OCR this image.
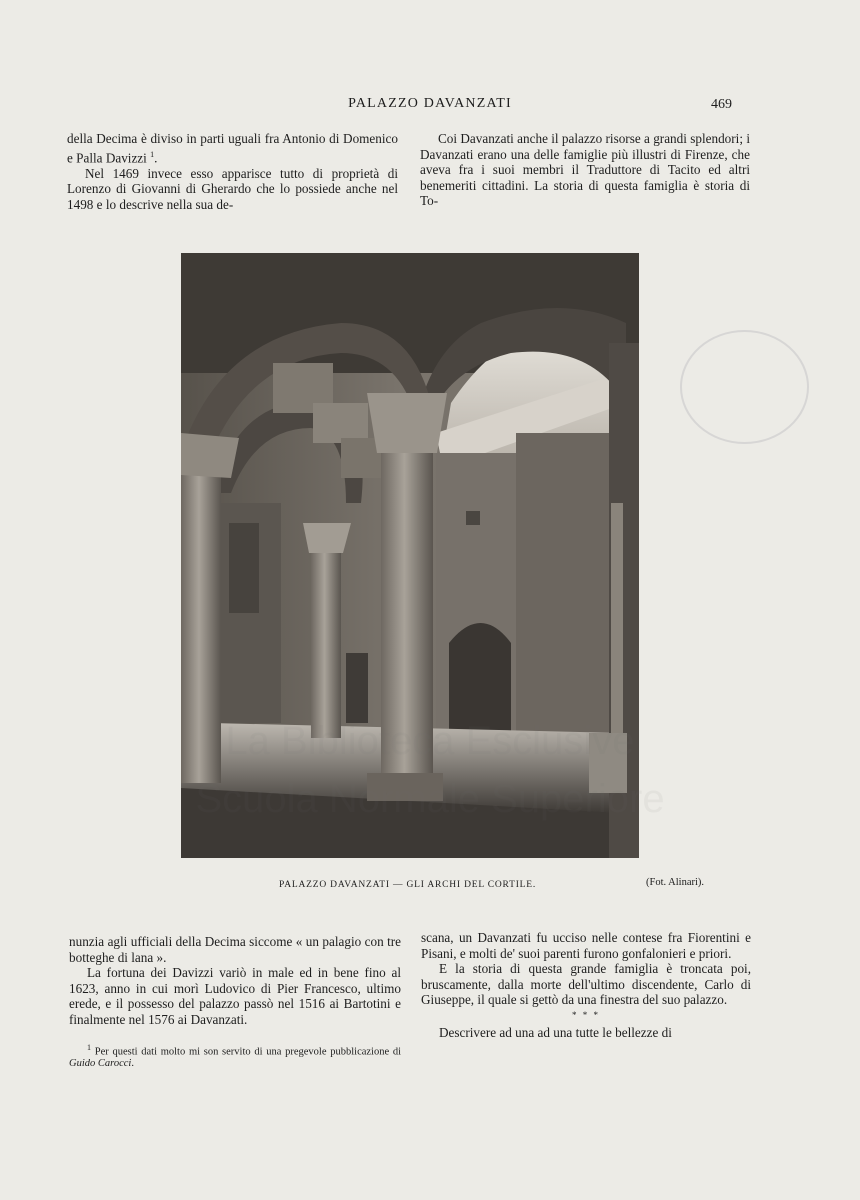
PALAZZO DAVANZATI	469

della Decima è diviso in parti uguali fra Antonio di Domenico e Palla Davizzi $^1$.

Nel 1469 invece esso apparisce tutto di proprietà di Lorenzo di Giovanni di Gherardo che lo possiede anche nel 1498 e lo descrive nella sua de-

Coi Davanzati anche il palazzo risorse a grandi splendori; i Davanzati erano una delle famiglie più illustri di Firenze, che aveva fra i suoi membri il Traduttore di Tacito ed altri benemeriti cittadini. La storia di questa famiglia è storia di To-

PALAZZO DAVANZATI — GLI ARCHI DEL CORTILE.	(Fot. Alinari).

nunzia agli ufficiali della Decima siccome « un palagio con tre botteghe di lana ».

La fortuna dei Davizzi variò in male ed in bene fino al 1623, anno in cui morì Ludovico di Pier Francesco, ultimo erede, e il possesso del palazzo passò nel 1516 ai Bartotini e finalmente nel 1576 ai Davanzati.

$^1$ Per questi dati molto mi son servito di una pregevole pubblicazione di Guido Carocci.

scana, un Davanzati fu ucciso nelle contese fra Fiorentini e Pisani, e molti de' suoi parenti furono gonfalonieri e priori.

E la storia di questa grande famiglia è troncata poi, bruscamente, dalla morte dell'ultimo discendente, Carlo di Giuseppe, il quale si gettò da una finestra del suo palazzo.

* * *

Descrivere ad una ad una tutte le bellezze di

La Biblioteca Esclusive
Scuola Normale Superiore
